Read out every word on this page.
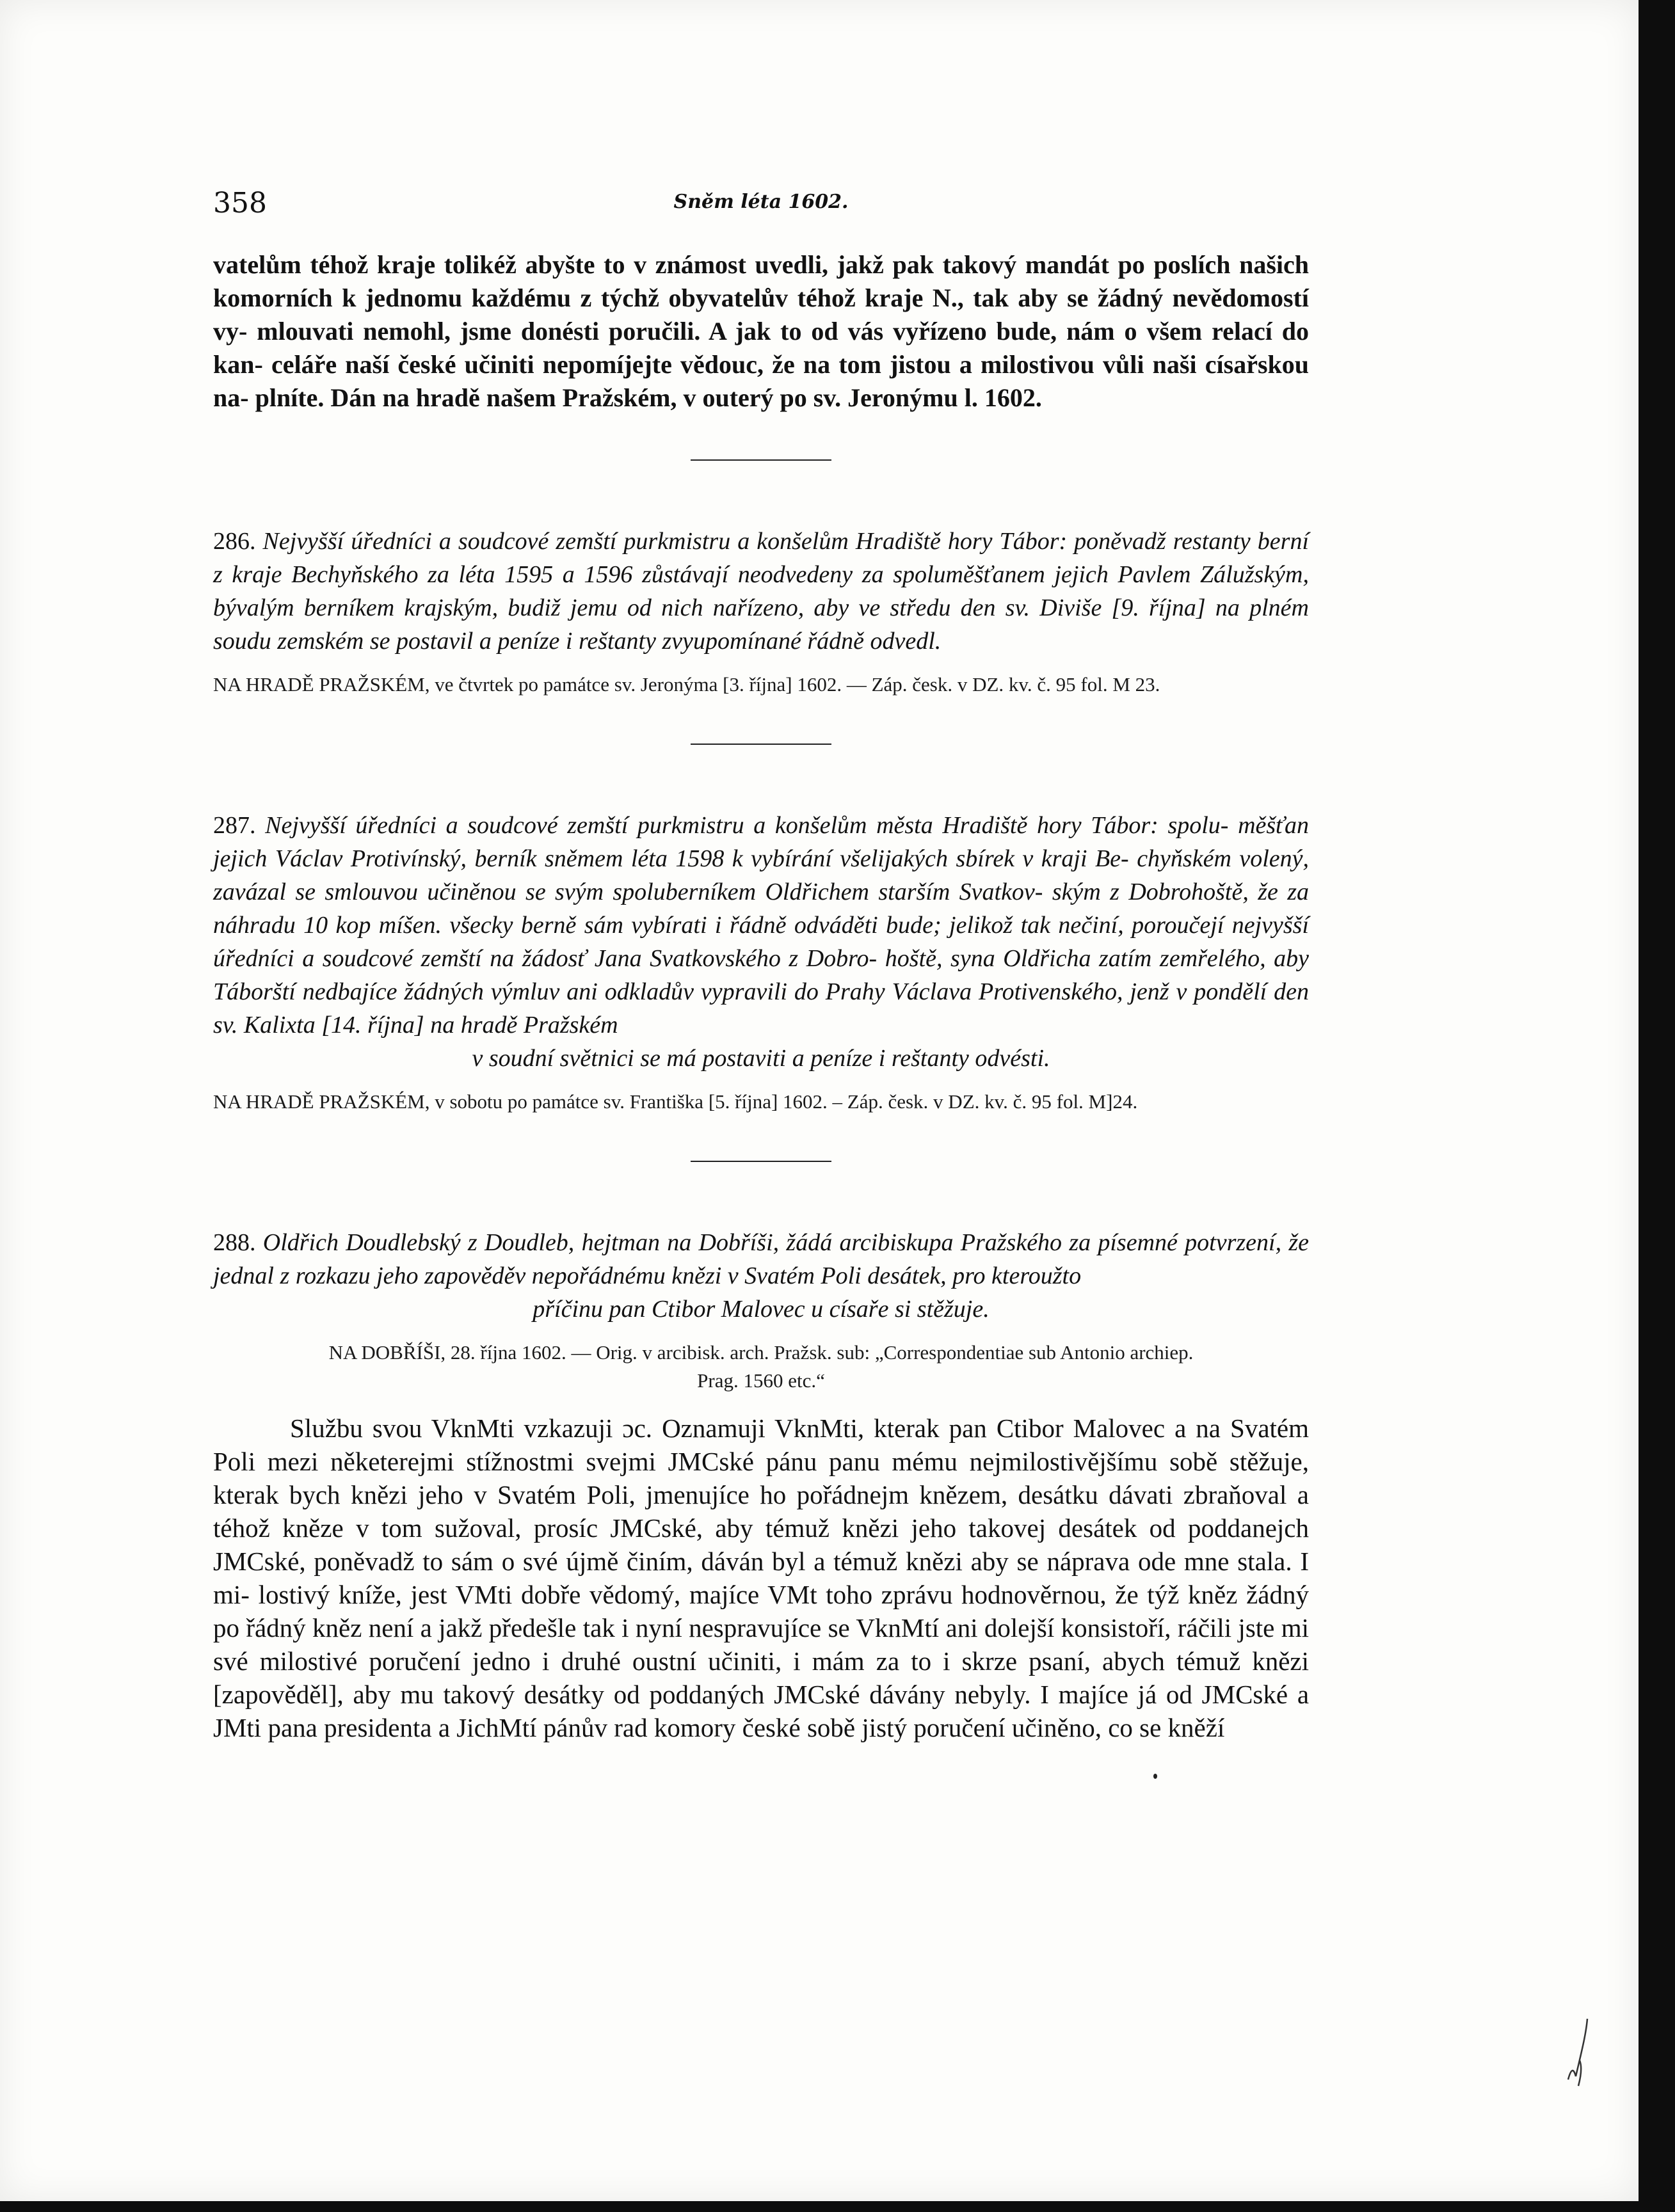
358	Sněm léta 1602.

vatelům téhož kraje tolikéž abyšte to v známost uvedli, jakž pak takový mandát po poslích našich komorních k jednomu každému z týchž obyvatelův téhož kraje N., tak aby se žádný nevědomostí vy- mlouvati nemohl, jsme donésti poručili. A jak to od vás vyřízeno bude, nám o všem relací do kan- celáře naší české učiniti nepomíjejte vědouc, že na tom jistou a milostivou vůli naši císařskou na- plníte. Dán na hradě našem Pražském, v outerý po sv. Jeronýmu l. 1602.

286. Nejvyšší úředníci a soudcové zemští purkmistru a konšelům Hradiště hory Tábor: poněvadž restanty berní z kraje Bechyňského za léta 1595 a 1596 zůstávají neodvedeny za spoluměšťanem jejich Pavlem Zálužským, bývalým berníkem krajským, budiž jemu od nich nařízeno, aby ve středu den sv. Diviše [9. října] na plném soudu zemském se postavil a peníze i reštanty zvyupomínané řádně odvedl.

NA HRADĚ PRAŽSKÉM, ve čtvrtek po památce sv. Jeronýma [3. října] 1602. — Záp. česk. v DZ. kv. č. 95 fol. M 23.

287. Nejvyšší úředníci a soudcové zemští purkmistru a konšelům města Hradiště hory Tábor: spolu- měšťan jejich Václav Protivínský, berník sněmem léta 1598 k vybírání všelijakých sbírek v kraji Be- chyňském volený, zavázal se smlouvou učiněnou se svým spoluberníkem Oldřichem starším Svatkov- ským z Dobrohoště, že za náhradu 10 kop míšen. všecky berně sám vybírati i řádně odváděti bude; jelikož tak nečiní, poroučejí nejvyšší úředníci a soudcové zemští na žádosť Jana Svatkovského z Dobro- hoště, syna Oldřicha zatím zemřelého, aby Táborští nedbajíce žádných výmluv ani odkladův vypravili do Prahy Václava Protivenského, jenž v pondělí den sv. Kalixta [14. října] na hradě Pražském

v soudní světnici se má postaviti a peníze i reštanty odvésti.

NA HRADĚ PRAŽSKÉM, v sobotu po památce sv. Františka [5. října] 1602. – Záp. česk. v DZ. kv. č. 95 fol. M]24.

288. Oldřich Doudlebský z Doudleb, hejtman na Dobříši, žádá arcibiskupa Pražského za písemné potvrzení, že jednal z rozkazu jeho zapověděv nepořádnému knězi v Svatém Poli desátek, pro kteroužto

příčinu pan Ctibor Malovec u císaře si stěžuje.

NA DOBŘÍŠI, 28. října 1602. — Orig. v arcibisk. arch. Pražsk. sub: „Correspondentiae sub Antonio archiep.
Prag. 1560 etc.“

Službu svou VknMti vzkazuji ɔc. Oznamuji VknMti, kterak pan Ctibor Malovec a na Svatém Poli mezi něketerejmi stížnostmi svejmi JMCské pánu panu mému nejmilostivějšímu sobě stěžuje, kterak bych knězi jeho v Svatém Poli, jmenujíce ho pořádnejm knězem, desátku dávati zbraňoval a téhož kněze v tom sužoval, prosíc JMCské, aby témuž knězi jeho takovej desátek od poddanejch JMCské, poněvadž to sám o své újmě činím, dáván byl a témuž knězi aby se náprava ode mne stala. I mi- lostivý kníže, jest VMti dobře vědomý, majíce VMt toho zprávu hodnověrnou, že týž kněz žádný po řádný kněz není a jakž předešle tak i nyní nespravujíce se VknMtí ani dolejší konsistoří, ráčili jste mi své milostivé poručení jedno i druhé oustní učiniti, i mám za to i skrze psaní, abych témuž knězi [zapověděl], aby mu takový desátky od poddaných JMCské dávány nebyly. I majíce já od JMCské a JMti pana presidenta a JichMtí pánův rad komory české sobě jistý poručení učiněno, co se kněží
